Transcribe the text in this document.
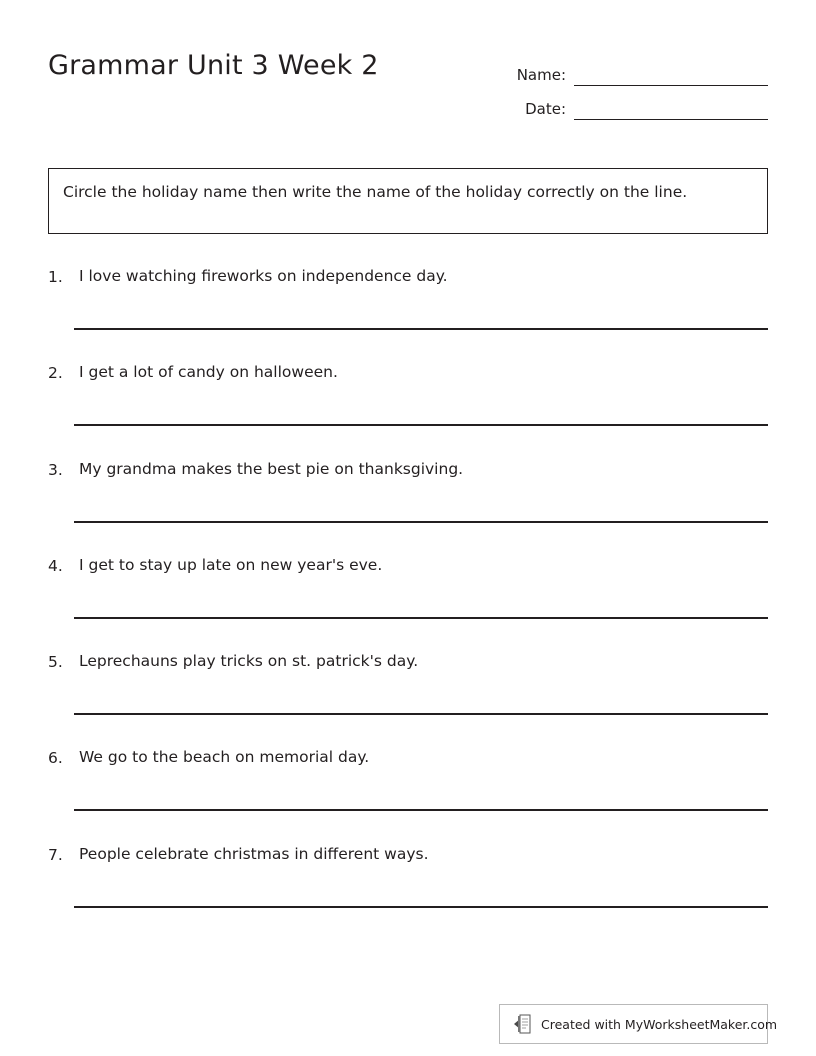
Grammar Unit 3 Week 2	Name:
Date:
Circle the holiday name then write the name of the holiday correctly on the line.
1.	I love watching fireworks on independence day.
2.	I get a lot of candy on halloween.
3.	My grandma makes the best pie on thanksgiving.
4.	I get to stay up late on new year's eve.
5.	Leprechauns play tricks on st. patrick's day.
6.	We go to the beach on memorial day.
7.	People celebrate christmas in different ways.
Created with MyWorksheetMaker.com
